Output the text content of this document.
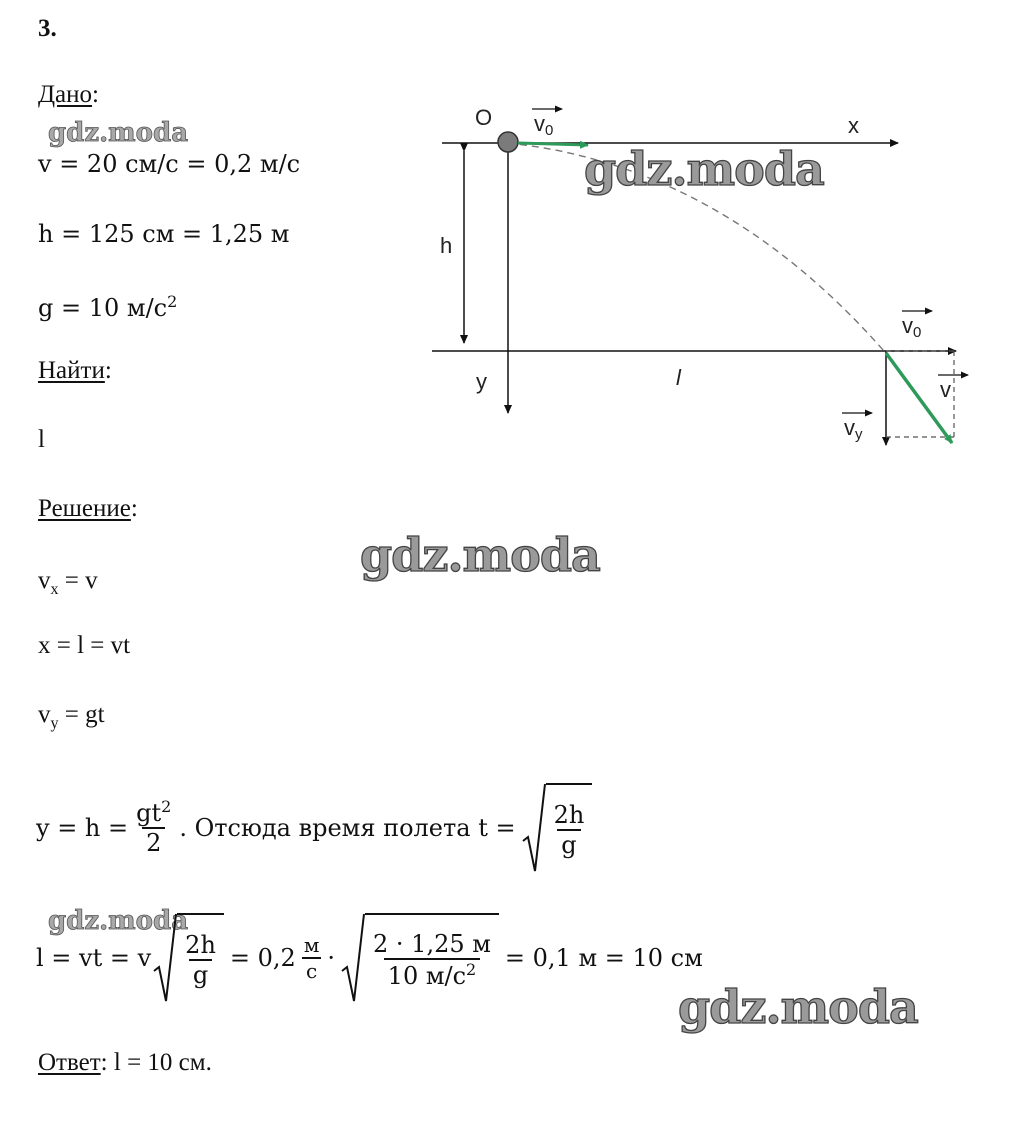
3.
Дано:
gdz.moda
v = 20 см/с = 0,2 м/с
h = 125 см = 1,25 м
g = 10 $м/с^2$
Найти:
l
Решение:
gdz.moda
$v_x = v$
x = l = vt
$v_y$ = gt
$y = h = \frac{gt^2}{2}$ . Отсюда время полета $t = \frac{2h}{g}$
gdz.moda
l = vt = v $\frac{2h}{g} = 0,2 \frac{м}{с} \cdot \frac{2 \cdot 1,25 м}{10 м/с^2} = 0,1$ м = 10 см
gdz.moda
Ответ: l = 10 см.
O v0	x
h
y	l
v0
v
vy
gdz.moda
